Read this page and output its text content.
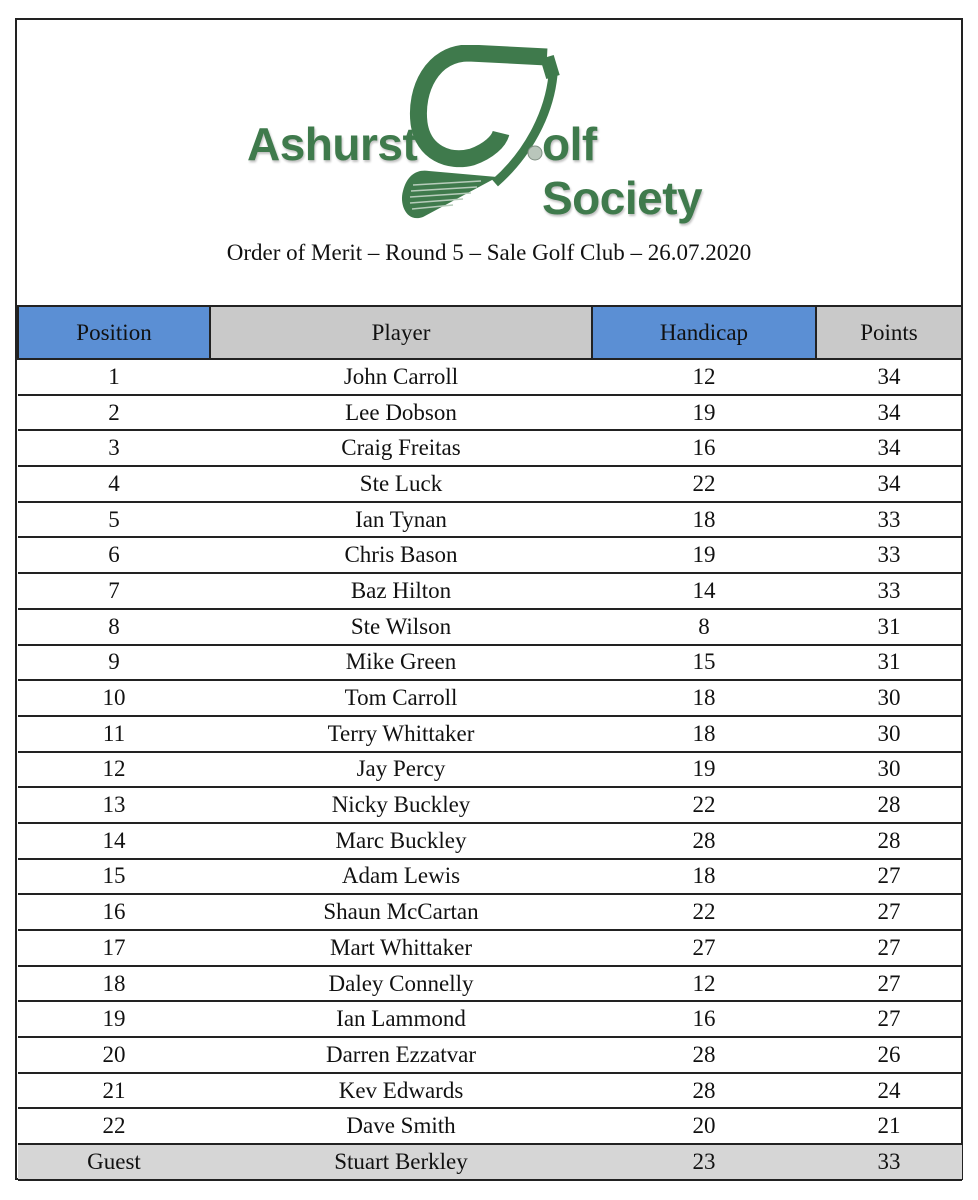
Ashurst	olf Society
Order of Merit – Round 5 – Sale Golf Club – 26.07.2020
Position	Player	Handicap	Points
1	John Carroll	12	34
2	Lee Dobson	19	34
3	Craig Freitas	16	34
4	Ste Luck	22	34
5	Ian Tynan	18	33
6	Chris Bason	19	33
7	Baz Hilton	14	33
8	Ste Wilson	8	31
9	Mike Green	15	31
10	Tom Carroll	18	30
11	Terry Whittaker	18	30
12	Jay Percy	19	30
13	Nicky Buckley	22	28
14	Marc Buckley	28	28
15	Adam Lewis	18	27
16	Shaun McCartan	22	27
17	Mart Whittaker	27	27
18	Daley Connelly	12	27
19	Ian Lammond	16	27
20	Darren Ezzatvar	28	26
21	Kev Edwards	28	24
22	Dave Smith	20	21
Guest	Stuart Berkley	23	33
